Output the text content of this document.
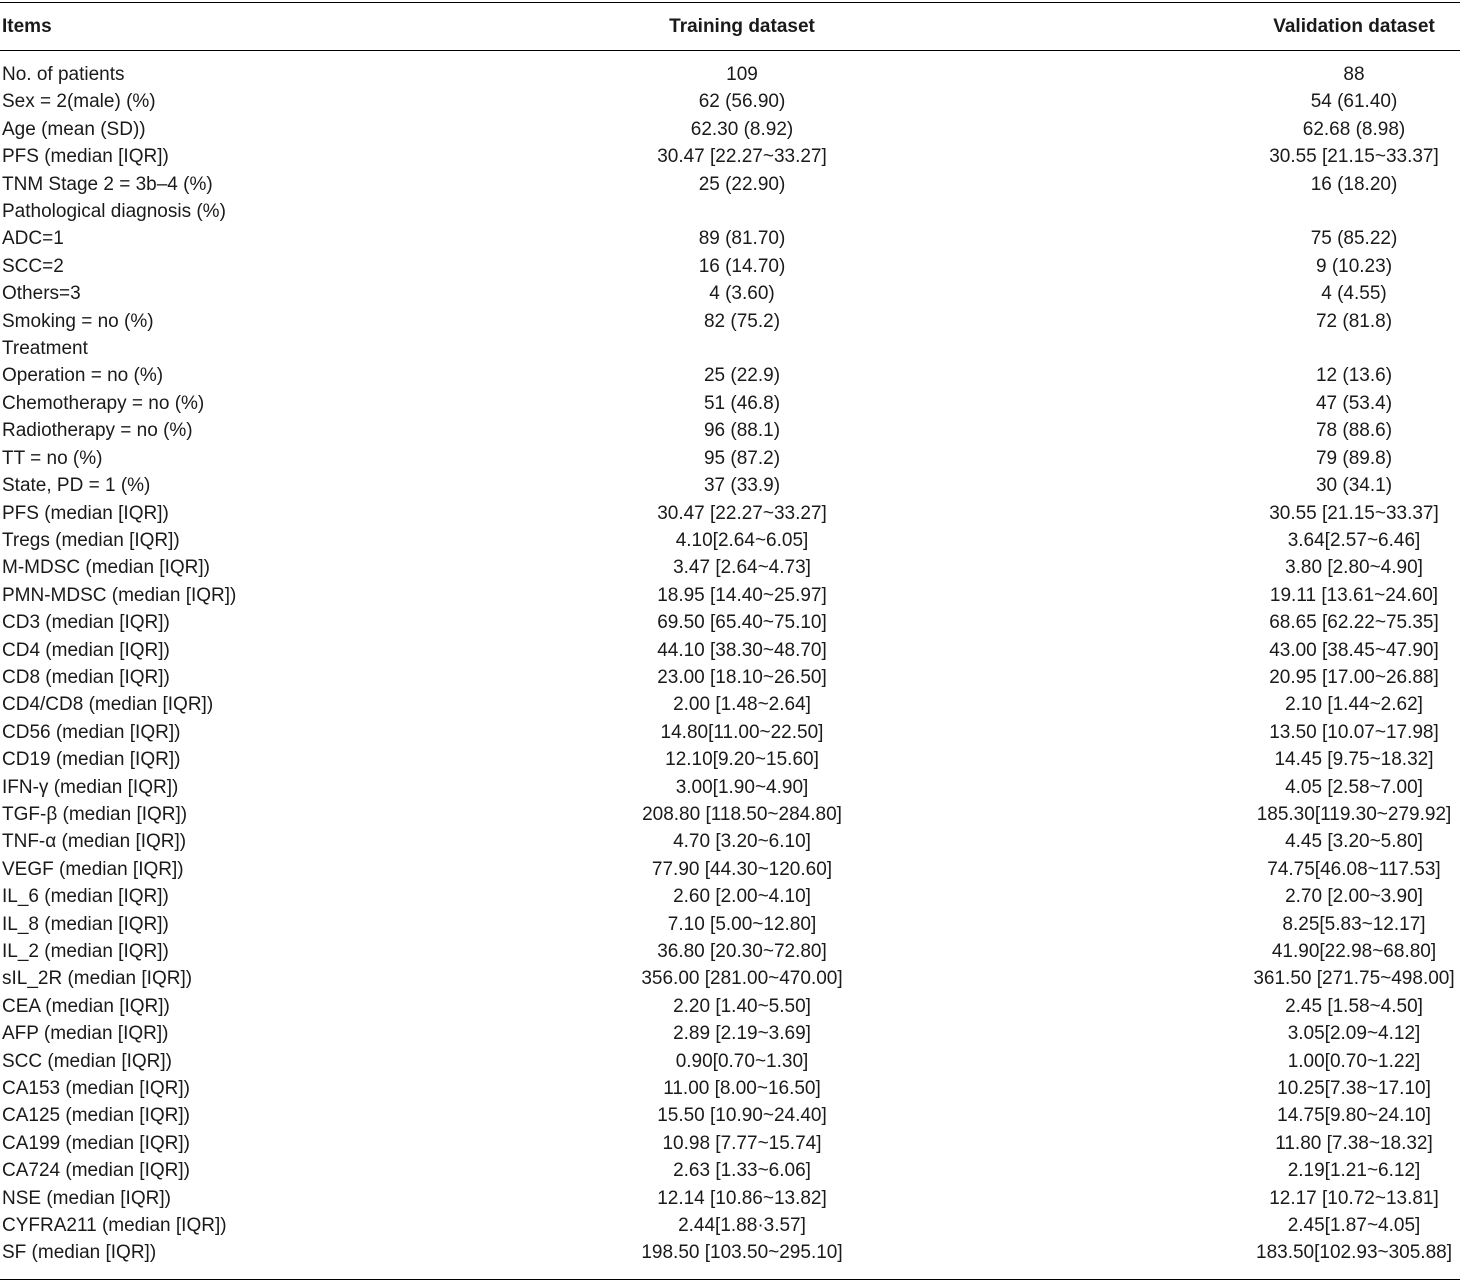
Items	Training dataset	Validation dataset
No. of patients	109	88
Sex = 2(male) (%)	62 (56.90)	54 (61.40)
Age (mean (SD))	62.30 (8.92)	62.68 (8.98)
PFS (median [IQR])	30.47 [22.27~33.27]	30.55 [21.15~33.37]
TNM Stage 2 = 3b–4 (%)	25 (22.90)	16 (18.20)
Pathological diagnosis (%)
ADC=1	89 (81.70)	75 (85.22)
SCC=2	16 (14.70)	9 (10.23)
Others=3	4 (3.60)	4 (4.55)
Smoking = no (%)	82 (75.2)	72 (81.8)
Treatment
Operation = no (%)	25 (22.9)	12 (13.6)
Chemotherapy = no (%)	51 (46.8)	47 (53.4)
Radiotherapy = no (%)	96 (88.1)	78 (88.6)
TT = no (%)	95 (87.2)	79 (89.8)
State, PD = 1 (%)	37 (33.9)	30 (34.1)
PFS (median [IQR])	30.47 [22.27~33.27]	30.55 [21.15~33.37]
Tregs (median [IQR])	4.10[2.64~6.05]	3.64[2.57~6.46]
M-MDSC (median [IQR])	3.47 [2.64~4.73]	3.80 [2.80~4.90]
PMN-MDSC (median [IQR])	18.95 [14.40~25.97]	19.11 [13.61~24.60]
CD3 (median [IQR])	69.50 [65.40~75.10]	68.65 [62.22~75.35]
CD4 (median [IQR])	44.10 [38.30~48.70]	43.00 [38.45~47.90]
CD8 (median [IQR])	23.00 [18.10~26.50]	20.95 [17.00~26.88]
CD4/CD8 (median [IQR])	2.00 [1.48~2.64]	2.10 [1.44~2.62]
CD56 (median [IQR])	14.80[11.00~22.50]	13.50 [10.07~17.98]
CD19 (median [IQR])	12.10[9.20~15.60]	14.45 [9.75~18.32]
IFN-γ (median [IQR])	3.00[1.90~4.90]	4.05 [2.58~7.00]
TGF-β (median [IQR])	208.80 [118.50~284.80]	185.30[119.30~279.92]
TNF-α (median [IQR])	4.70 [3.20~6.10]	4.45 [3.20~5.80]
VEGF (median [IQR])	77.90 [44.30~120.60]	74.75[46.08~117.53]
IL_6 (median [IQR])	2.60 [2.00~4.10]	2.70 [2.00~3.90]
IL_8 (median [IQR])	7.10 [5.00~12.80]	8.25[5.83~12.17]
IL_2 (median [IQR])	36.80 [20.30~72.80]	41.90[22.98~68.80]
sIL_2R (median [IQR])	356.00 [281.00~470.00]	361.50 [271.75~498.00]
CEA (median [IQR])	2.20 [1.40~5.50]	2.45 [1.58~4.50]
AFP (median [IQR])	2.89 [2.19~3.69]	3.05[2.09~4.12]
SCC (median [IQR])	0.90[0.70~1.30]	1.00[0.70~1.22]
CA153 (median [IQR])	11.00 [8.00~16.50]	10.25[7.38~17.10]
CA125 (median [IQR])	15.50 [10.90~24.40]	14.75[9.80~24.10]
CA199 (median [IQR])	10.98 [7.77~15.74]	11.80 [7.38~18.32]
CA724 (median [IQR])	2.63 [1.33~6.06]	2.19[1.21~6.12]
NSE (median [IQR])	12.14 [10.86~13.82]	12.17 [10.72~13.81]
CYFRA211 (median [IQR])	2.44[1.88·3.57]	2.45[1.87~4.05]
SF (median [IQR])	198.50 [103.50~295.10]	183.50[102.93~305.88]
